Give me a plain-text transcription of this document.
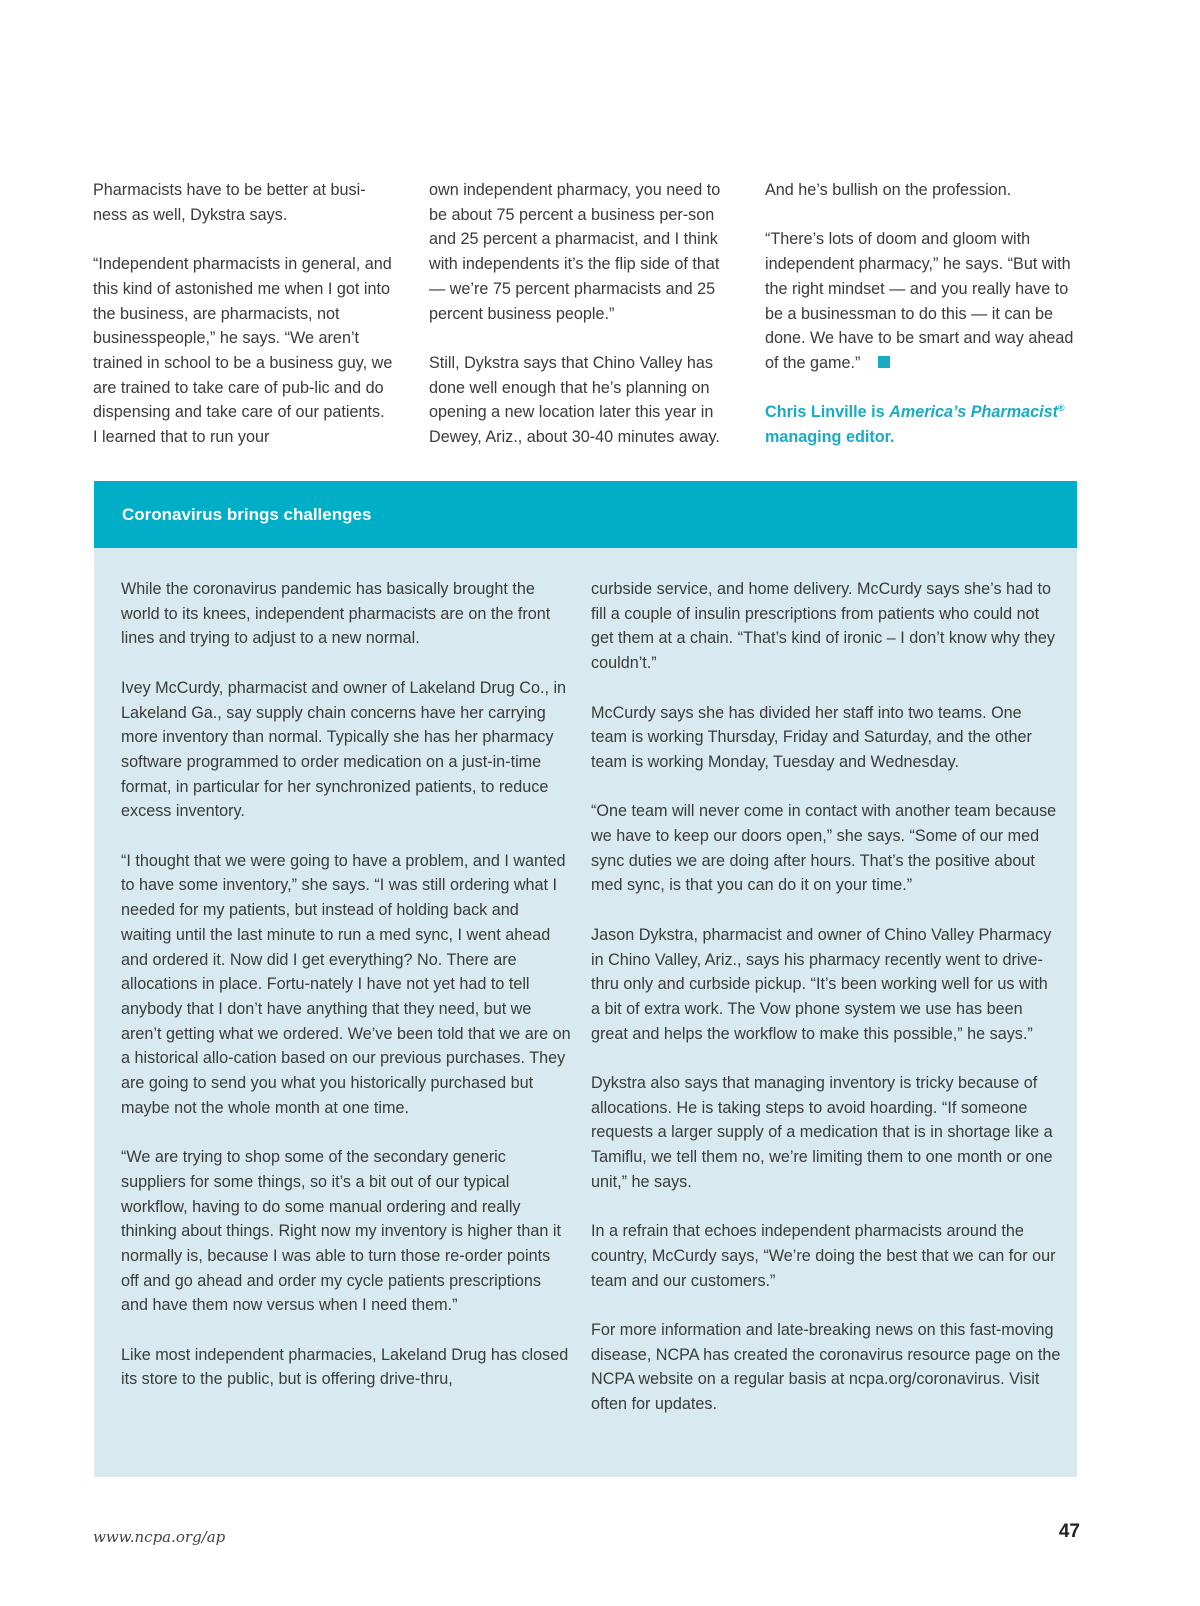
Pharmacists have to be better at busi-ness as well, Dykstra says.

“Independent pharmacists in general, and this kind of astonished me when I got into the business, are pharmacists, not businesspeople,” he says. “We aren’t trained in school to be a business guy, we are trained to take care of pub-lic and do dispensing and take care of our patients. I learned that to run your

own independent pharmacy, you need to be about 75 percent a business per-son and 25 percent a pharmacist, and I think with independents it’s the flip side of that — we’re 75 percent pharmacists and 25 percent business people.”

Still, Dykstra says that Chino Valley has done well enough that he’s planning on opening a new location later this year in Dewey, Ariz., about 30-40 minutes away.

And he’s bullish on the profession.

“There’s lots of doom and gloom with independent pharmacy,” he says. “But with the right mindset — and you really have to be a businessman to do this — it can be done. We have to be smart and way ahead of the game.”

Chris Linville is America’s Pharmacist® managing editor.

Coronavirus brings challenges

While the coronavirus pandemic has basically brought the world to its knees, independent pharmacists are on the front lines and trying to adjust to a new normal.

Ivey McCurdy, pharmacist and owner of Lakeland Drug Co., in Lakeland Ga., say supply chain concerns have her carrying more inventory than normal. Typically she has her pharmacy software programmed to order medication on a just-in-time format, in particular for her synchronized patients, to reduce excess inventory.

“I thought that we were going to have a problem, and I wanted to have some inventory,” she says. “I was still ordering what I needed for my patients, but instead of holding back and waiting until the last minute to run a med sync, I went ahead and ordered it. Now did I get everything? No. There are allocations in place. Fortu-nately I have not yet had to tell anybody that I don’t have anything that they need, but we aren’t getting what we ordered. We’ve been told that we are on a historical allo-cation based on our previous purchases. They are going to send you what you historically purchased but maybe not the whole month at one time.

“We are trying to shop some of the secondary generic suppliers for some things, so it’s a bit out of our typical workflow, having to do some manual ordering and really thinking about things. Right now my inventory is higher than it normally is, because I was able to turn those re-order points off and go ahead and order my cycle patients prescriptions and have them now versus when I need them.”

Like most independent pharmacies, Lakeland Drug has closed its store to the public, but is offering drive-thru,

curbside service, and home delivery. McCurdy says she’s had to fill a couple of insulin prescriptions from patients who could not get them at a chain. “That’s kind of ironic – I don’t know why they couldn’t.”

McCurdy says she has divided her staff into two teams. One team is working Thursday, Friday and Saturday, and the other team is working Monday, Tuesday and Wednesday.

“One team will never come in contact with another team because we have to keep our doors open,” she says. “Some of our med sync duties we are doing after hours. That’s the positive about med sync, is that you can do it on your time.”

Jason Dykstra, pharmacist and owner of Chino Valley Pharmacy in Chino Valley, Ariz., says his pharmacy recently went to drive-thru only and curbside pickup. “It’s been working well for us with a bit of extra work. The Vow phone system we use has been great and helps the workflow to make this possible,” he says.”

Dykstra also says that managing inventory is tricky because of allocations. He is taking steps to avoid hoarding. “If someone requests a larger supply of a medication that is in shortage like a Tamiflu, we tell them no, we’re limiting them to one month or one unit,” he says.

In a refrain that echoes independent pharmacists around the country, McCurdy says, “We’re doing the best that we can for our team and our customers.”

For more information and late-breaking news on this fast-moving disease, NCPA has created the coronavirus resource page on the NCPA website on a regular basis at ncpa.org/coronavirus. Visit often for updates.

www.ncpa.org/ap	47
